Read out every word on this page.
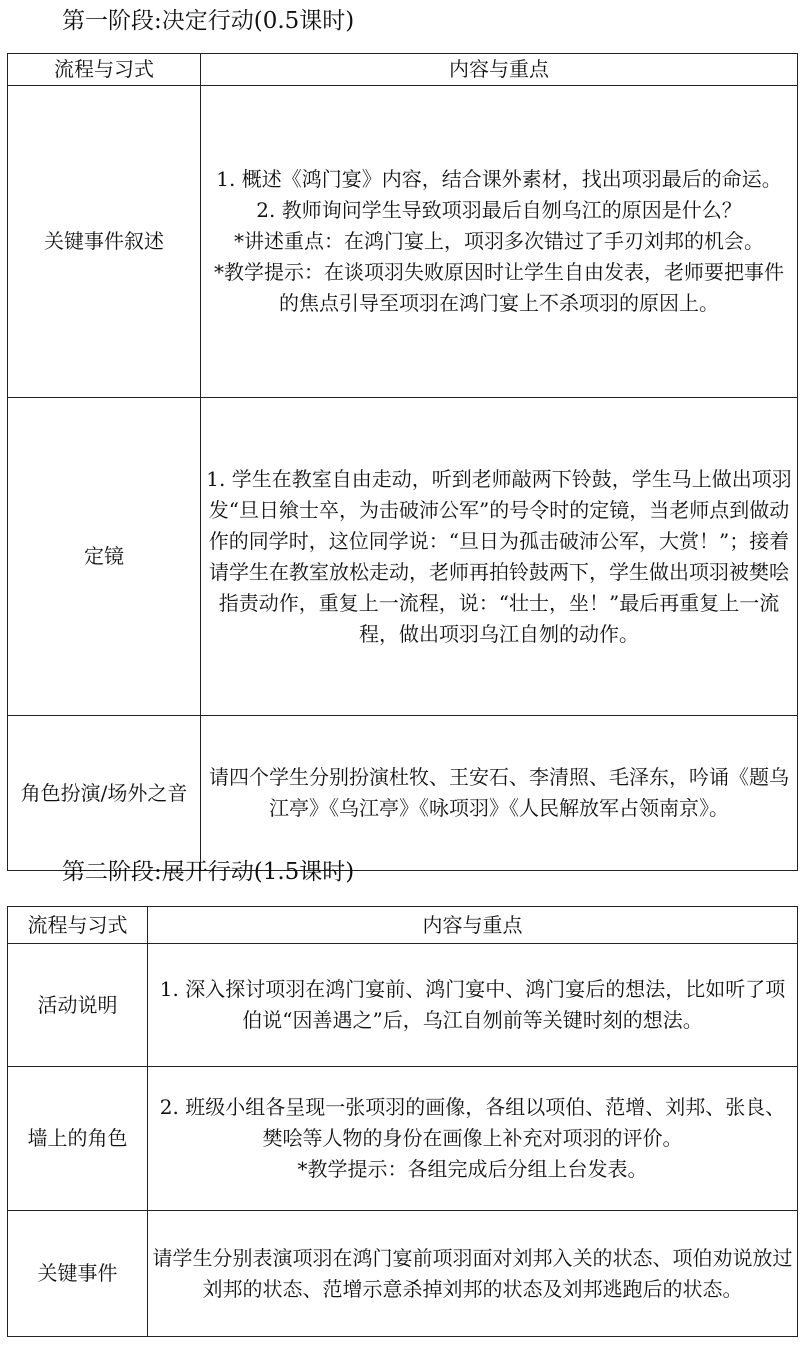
第一阶段:决定行动(0.5课时)
流程与习式	内容与重点
关键事件叙述	1. 概述《鸿门宴》内容，结合课外素材，找出项羽最后的命运。

2. 教师询问学生导致项羽最后自刎乌江的原因是什么？

*讲述重点：在鸿门宴上，项羽多次错过了手刃刘邦的机会。

*教学提示：在谈项羽失败原因时让学生自由发表，老师要把事件的焦点引导至项羽在鸿门宴上不杀项羽的原因上。

定镜	1. 学生在教室自由走动，听到老师敲两下铃鼓，学生马上做出项羽发“旦日飨士卒，为击破沛公军”的号令时的定镜，当老师点到做动作的同学时，这位同学说：“旦日为孤击破沛公军，大赏！”；接着请学生在教室放松走动，老师再拍铃鼓两下，学生做出项羽被樊哙指责动作，重复上一流程，说：“壮士，坐！”最后再重复上一流程，做出项羽乌江自刎的动作。

角色扮演/场外之音	请四个学生分别扮演杜牧、王安石、李清照、毛泽东，吟诵《题乌江亭》《乌江亭》《咏项羽》《人民解放军占领南京》。

第二阶段:展开行动(1.5课时)
流程与习式	内容与重点
活动说明	1. 深入探讨项羽在鸿门宴前、鸿门宴中、鸿门宴后的想法，比如听了项伯说“因善遇之”后，乌江自刎前等关键时刻的想法。

墙上的角色	2. 班级小组各呈现一张项羽的画像，各组以项伯、范增、刘邦、张良、樊哙等人物的身份在画像上补充对项羽的评价。

*教学提示：各组完成后分组上台发表。

关键事件	请学生分别表演项羽在鸿门宴前项羽面对刘邦入关的状态、项伯劝说放过刘邦的状态、范增示意杀掉刘邦的状态及刘邦逃跑后的状态。
